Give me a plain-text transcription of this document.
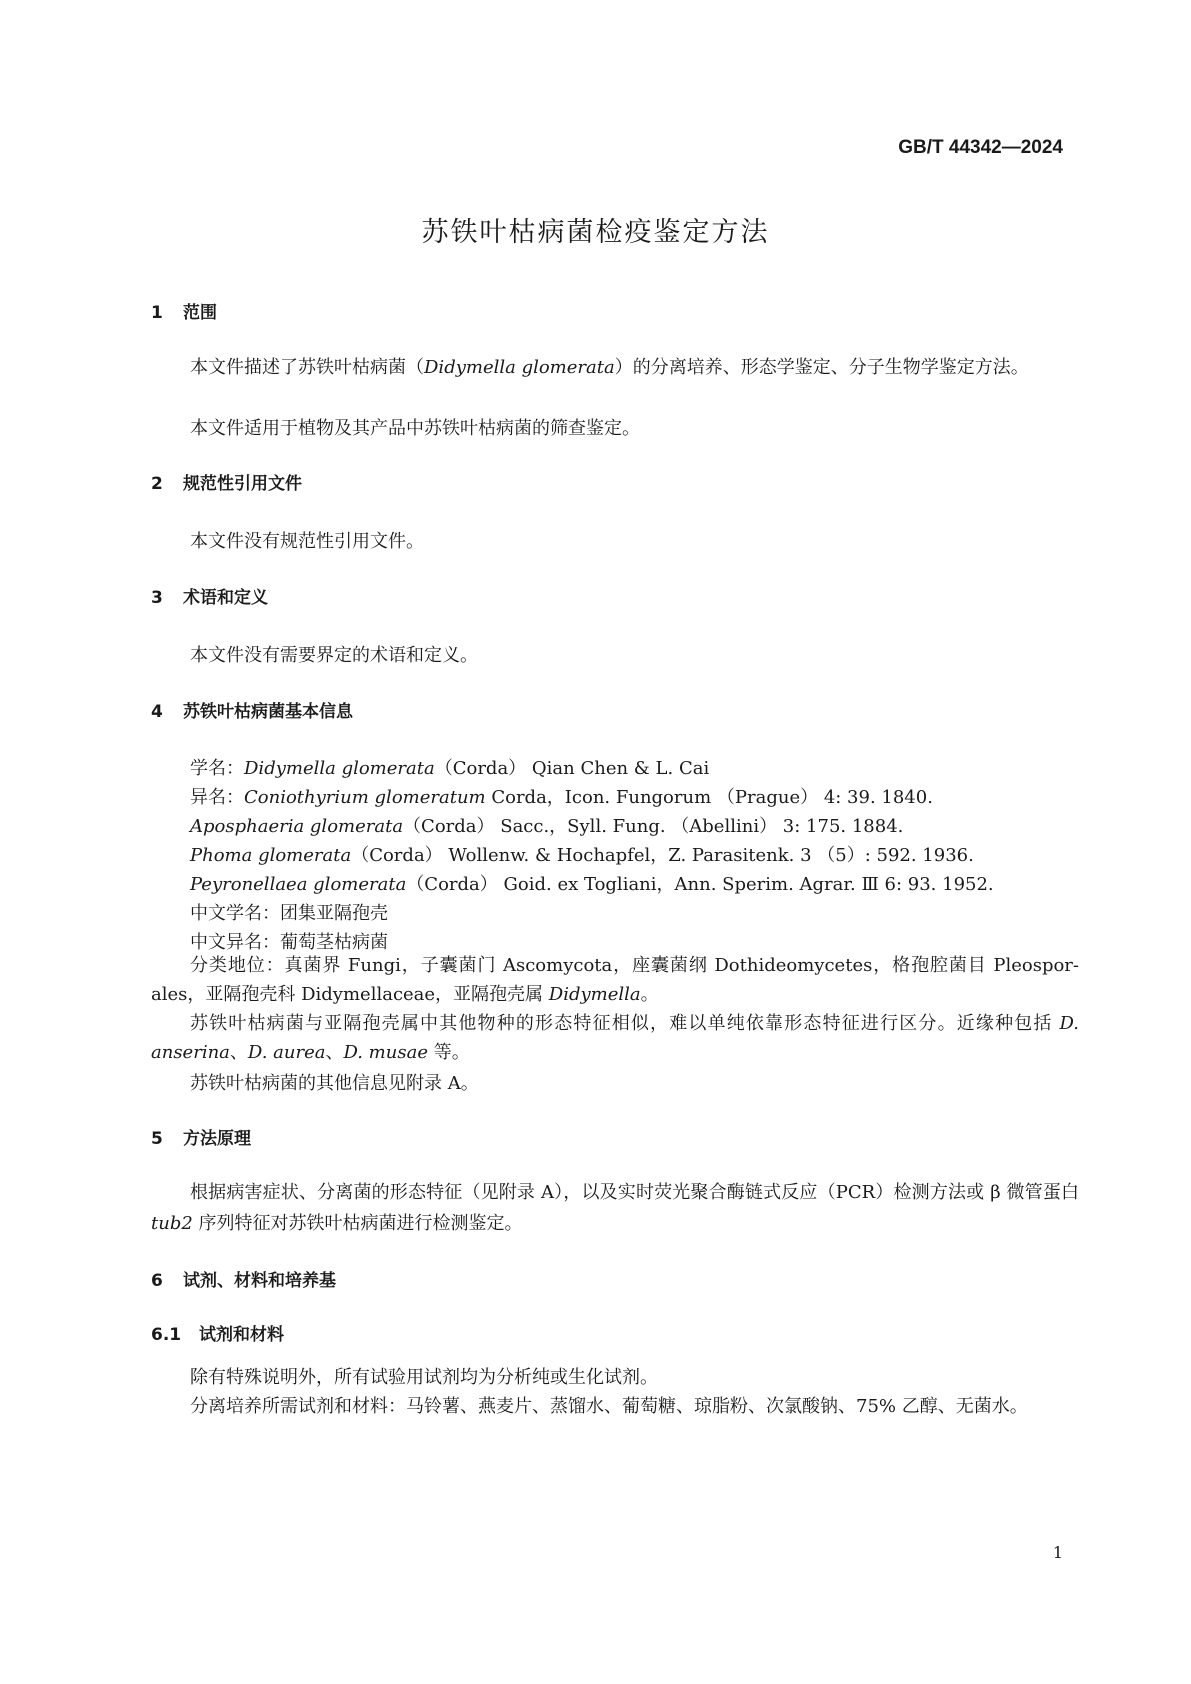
GB/T 44342—2024
苏铁叶枯病菌检疫鉴定方法
1 范围
本文件描述了苏铁叶枯病菌（Didymella glomerata）的分离培养、形态学鉴定、分子生物学鉴定方法。
本文件适用于植物及其产品中苏铁叶枯病菌的筛查鉴定。
2 规范性引用文件
本文件没有规范性引用文件。
3 术语和定义
本文件没有需要界定的术语和定义。
4 苏铁叶枯病菌基本信息
学名：Didymella glomerata（Corda） Qian Chen & L. Cai
异名：Coniothyrium glomeratum Corda，Icon. Fungorum （Prague） 4: 39. 1840.
Aposphaeria glomerata（Corda） Sacc.，Syll. Fung. （Abellini） 3: 175. 1884.
Phoma glomerata（Corda） Wollenw. & Hochapfel，Z. Parasitenk. 3 （5）: 592. 1936.
Peyronellaea glomerata（Corda） Goid. ex Togliani，Ann. Sperim. Agrar. Ⅲ 6: 93. 1952.
中文学名：团集亚隔孢壳
中文异名：葡萄茎枯病菌
分类地位：真菌界 Fungi，子囊菌门 Ascomycota，座囊菌纲 Dothideomycetes，格孢腔菌目 Pleospor-ales，亚隔孢壳科 Didymellaceae，亚隔孢壳属 Didymella。
苏铁叶枯病菌与亚隔孢壳属中其他物种的形态特征相似，难以单纯依靠形态特征进行区分。近缘种包括 D. anserina、D. aurea、D. musae 等。
苏铁叶枯病菌的其他信息见附录 A。
5 方法原理
根据病害症状、分离菌的形态特征（见附录 A），以及实时荧光聚合酶链式反应（PCR）检测方法或 β 微管蛋白 tub2 序列特征对苏铁叶枯病菌进行检测鉴定。
6 试剂、材料和培养基
6.1 试剂和材料
除有特殊说明外，所有试验用试剂均为分析纯或生化试剂。
分离培养所需试剂和材料：马铃薯、燕麦片、蒸馏水、葡萄糖、琼脂粉、次氯酸钠、75% 乙醇、无菌水。
1
